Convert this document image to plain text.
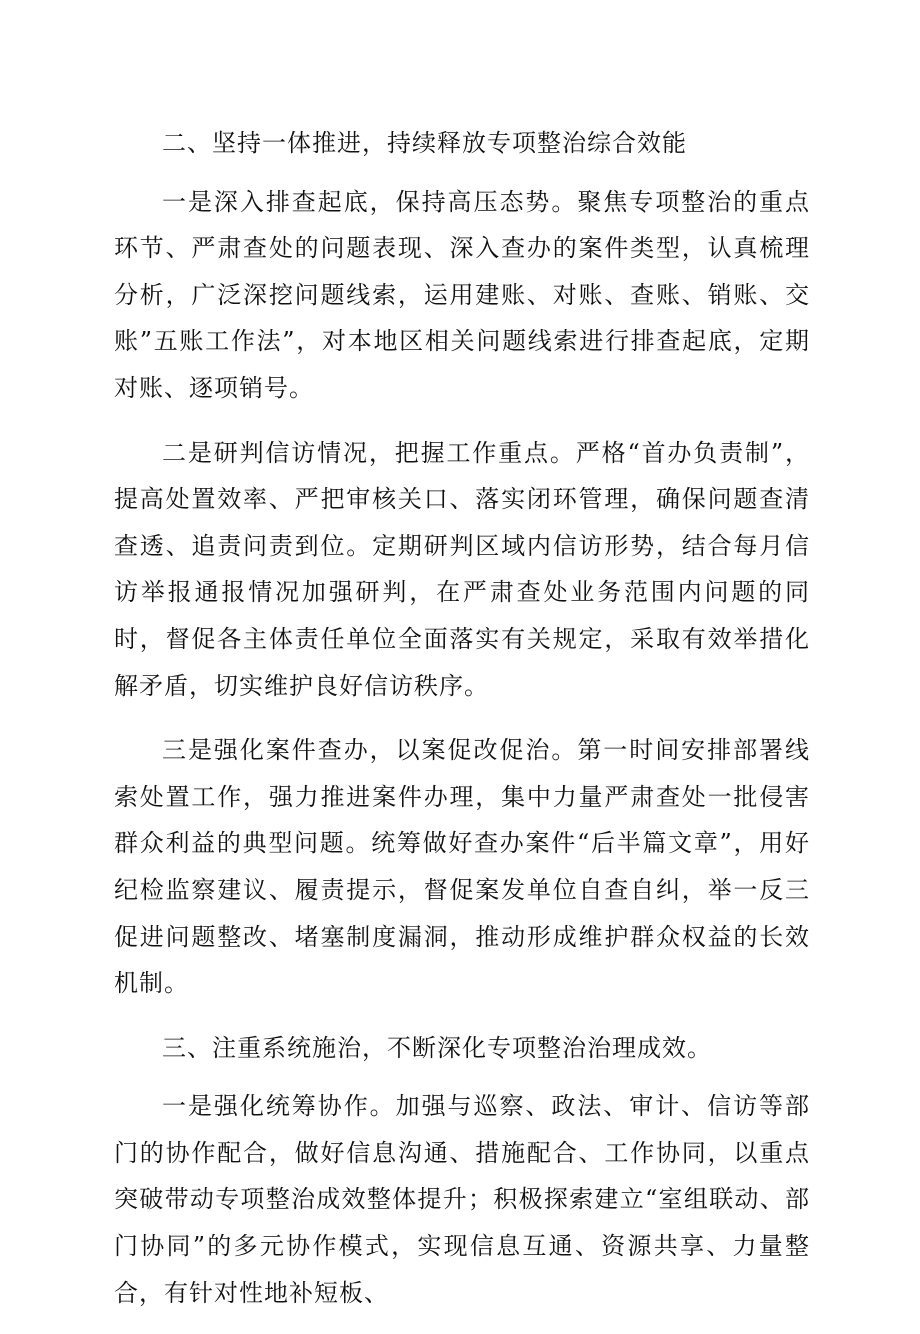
二、坚持一体推进，持续释放专项整治综合效能

一是深入排查起底，保持高压态势。聚焦专项整治的重点环节、严肃查处的问题表现、深入查办的案件类型，认真梳理分析，广泛深挖问题线索，运用建账、对账、查账、销账、交账”五账工作法”，对本地区相关问题线索进行排查起底，定期对账、逐项销号。

二是研判信访情况，把握工作重点。严格“首办负责制”，提高处置效率、严把审核关口、落实闭环管理，确保问题查清查透、追责问责到位。定期研判区域内信访形势，结合每月信访举报通报情况加强研判，在严肃查处业务范围内问题的同时，督促各主体责任单位全面落实有关规定，采取有效举措化解矛盾，切实维护良好信访秩序。

三是强化案件查办，以案促改促治。第一时间安排部署线索处置工作，强力推进案件办理，集中力量严肃查处一批侵害群众利益的典型问题。统筹做好查办案件“后半篇文章”，用好纪检监察建议、履责提示，督促案发单位自查自纠，举一反三促进问题整改、堵塞制度漏洞，推动形成维护群众权益的长效机制。

三、注重系统施治，不断深化专项整治治理成效。

一是强化统筹协作。加强与巡察、政法、审计、信访等部门的协作配合，做好信息沟通、措施配合、工作协同，以重点突破带动专项整治成效整体提升；积极探索建立“室组联动、部门协同”的多元协作模式，实现信息互通、资源共享、力量整合，有针对性地补短板、
